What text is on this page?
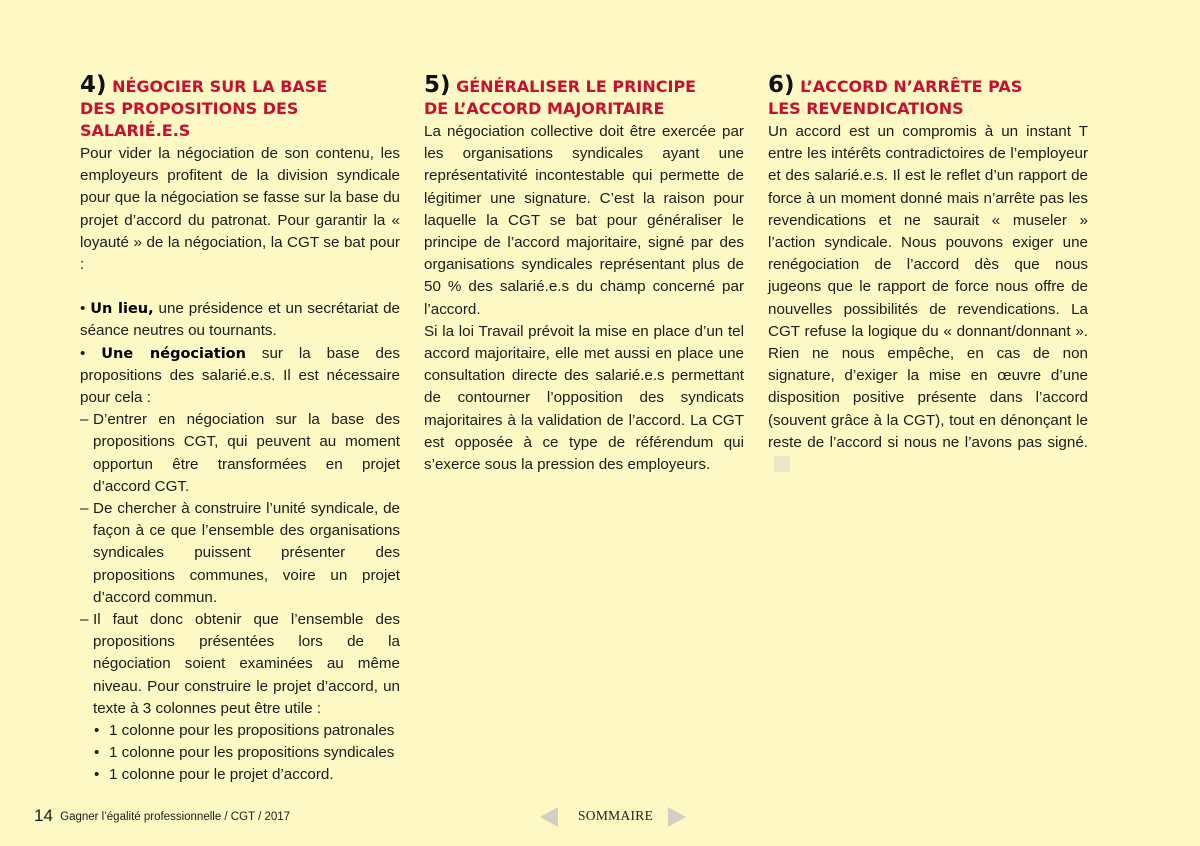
4) NÉGOCIER SUR LA BASE
DES PROPOSITIONS DES SALARIÉ.E.S

Pour vider la négociation de son contenu, les employeurs profitent de la division syndicale pour que la négociation se fasse sur la base du projet d’accord du patronat. Pour garantir la « loyauté » de la négociation, la CGT se bat pour :

• Un lieu, une présidence et un secrétariat de séance neutres ou tournants.

• Une négociation sur la base des propositions des salarié.e.s. Il est nécessaire pour cela :

– D’entrer en négociation sur la base des propositions CGT, qui peuvent au moment opportun être transformées en projet d’accord CGT.

– De chercher à construire l’unité syndicale, de façon à ce que l’ensemble des organisations syndicales puissent présenter des propositions communes, voire un projet d’accord commun.

– Il faut donc obtenir que l’ensemble des propositions présentées lors de la négociation soient examinées au même niveau. Pour construire le projet d’accord, un texte à 3 colonnes peut être utile :

• 1 colonne pour les propositions patronales

• 1 colonne pour les propositions syndicales

• 1 colonne pour le projet d’accord.

5) GÉNÉRALISER LE PRINCIPE
DE L’ACCORD MAJORITAIRE

La négociation collective doit être exercée par les organisations syndicales ayant une représentativité incontestable qui permette de légitimer une signature. C’est la raison pour laquelle la CGT se bat pour généraliser le principe de l’accord majoritaire, signé par des organisations syndicales représentant plus de 50 % des salarié.e.s du champ concerné par l’accord.

Si la loi Travail prévoit la mise en place d’un tel accord majoritaire, elle met aussi en place une consultation directe des salarié.e.s permettant de contourner l’opposition des syndicats majoritaires à la validation de l’accord. La CGT est opposée à ce type de référendum qui s’exerce sous la pression des employeurs.

6) L’ACCORD N’ARRÊTE PAS
LES REVENDICATIONS

Un accord est un compromis à un instant T entre les intérêts contradictoires de l’employeur et des salarié.e.s. Il est le reflet d’un rapport de force à un moment donné mais n’arrête pas les revendications et ne saurait « museler » l’action syndicale. Nous pouvons exiger une renégociation de l’accord dès que nous jugeons que le rapport de force nous offre de nouvelles possibilités de revendications. La CGT refuse la logique du « donnant/donnant ». Rien ne nous empêche, en cas de non signature, d’exiger la mise en œuvre d’une disposition positive présente dans l’accord (souvent grâce à la CGT), tout en dénonçant le reste de l’accord si nous ne l’avons pas signé.

14 Gagner l’égalité professionnelle / CGT / 2017	SOMMAIRE
